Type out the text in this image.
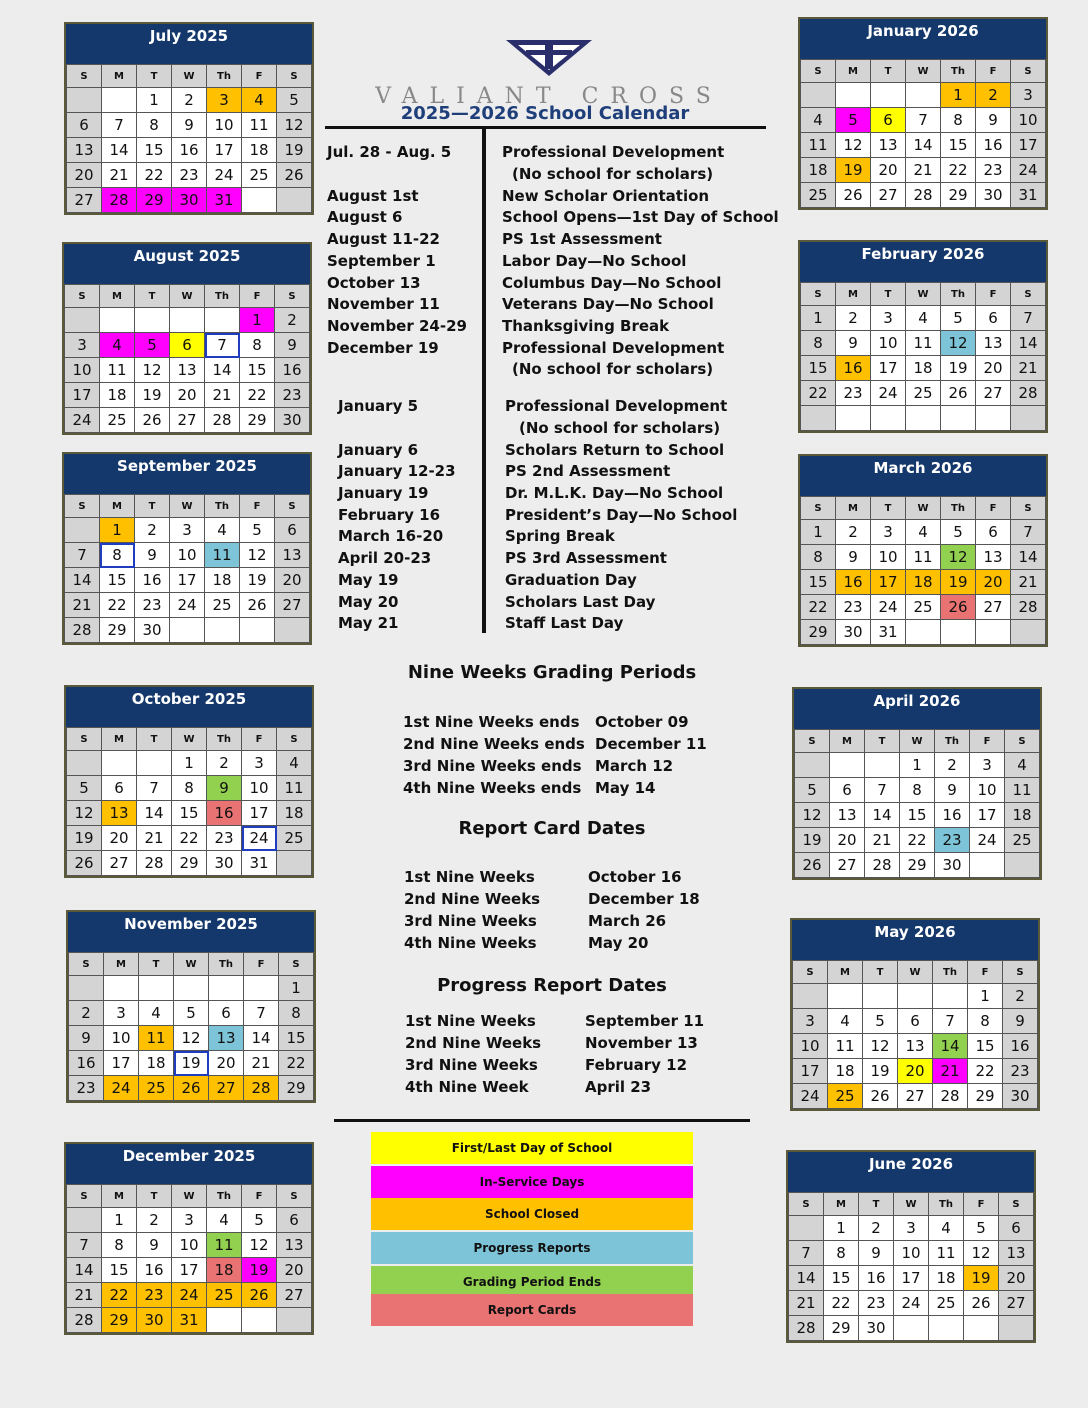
VALIANT CROSS
2025—2026 School Calendar
July 2025
S	M	T	W	Th	F	S
		1	2	3	4	5
6	7	8	9	10	11	12
13	14	15	16	17	18	19
20	21	22	23	24	25	26
27	28	29	30	31		
August 2025
S	M	T	W	Th	F	S
					1	2
3	4	5	6	7	8	9
10	11	12	13	14	15	16
17	18	19	20	21	22	23
24	25	26	27	28	29	30
September 2025
S	M	T	W	Th	F	S
	1	2	3	4	5	6
7	8	9	10	11	12	13
14	15	16	17	18	19	20
21	22	23	24	25	26	27
28	29	30				
October 2025
S	M	T	W	Th	F	S
			1	2	3	4
5	6	7	8	9	10	11
12	13	14	15	16	17	18
19	20	21	22	23	24	25
26	27	28	29	30	31	
November 2025
S	M	T	W	Th	F	S
						1
2	3	4	5	6	7	8
9	10	11	12	13	14	15
16	17	18	19	20	21	22
23	24	25	26	27	28	29
December 2025
S	M	T	W	Th	F	S
	1	2	3	4	5	6
7	8	9	10	11	12	13
14	15	16	17	18	19	20
21	22	23	24	25	26	27
28	29	30	31			
January 2026
S	M	T	W	Th	F	S
				1	2	3
4	5	6	7	8	9	10
11	12	13	14	15	16	17
18	19	20	21	22	23	24
25	26	27	28	29	30	31
February 2026
S	M	T	W	Th	F	S
1	2	3	4	5	6	7
8	9	10	11	12	13	14
15	16	17	18	19	20	21
22	23	24	25	26	27	28

March 2026
S	M	T	W	Th	F	S
1	2	3	4	5	6	7
8	9	10	11	12	13	14
15	16	17	18	19	20	21
22	23	24	25	26	27	28
29	30	31				
April 2026
S	M	T	W	Th	F	S
			1	2	3	4
5	6	7	8	9	10	11
12	13	14	15	16	17	18
19	20	21	22	23	24	25
26	27	28	29	30		
May 2026
S	M	T	W	Th	F	S
					1	2
3	4	5	6	7	8	9
10	11	12	13	14	15	16
17	18	19	20	21	22	23
24	25	26	27	28	29	30
June 2026
S	M	T	W	Th	F	S
	1	2	3	4	5	6
7	8	9	10	11	12	13
14	15	16	17	18	19	20
21	22	23	24	25	26	27
28	29	30				
Jul. 28 - Aug. 5	Professional Development
(No school for scholars)
August 1st	New Scholar Orientation
August 6	School Opens—1st Day of School
August 11-22	PS 1st Assessment
September 1	Labor Day—No School
October 13	Columbus Day—No School
November 11	Veterans Day—No School
November 24-29 Thanksgiving Break
December 19	Professional Development
(No school for scholars)
January 5	Professional Development
(No school for scholars)
January 6	Scholars Return to School
January 12-23	PS 2nd Assessment
January 19	Dr. M.L.K. Day—No School
February 16	President’s Day—No School
March 16-20	Spring Break
April 20-23	PS 3rd Assessment
May 19	Graduation Day
May 20	Scholars Last Day
May 21	Staff Last Day
Nine Weeks Grading Periods
1st Nine Weeks ends October 09
2nd Nine Weeks ends December 11
3rd Nine Weeks ends March 12
4th Nine Weeks ends May 14
Report Card Dates
1st Nine Weeks	October 16
2nd Nine Weeks	December 18
3rd Nine Weeks	March 26
4th Nine Weeks	May 20
Progress Report Dates
1st Nine Weeks	September 11
2nd Nine Weeks	November 13
3rd Nine Weeks	February 12
4th Nine Week	April 23
First/Last Day of School
In-Service Days
School Closed
Progress Reports
Grading Period Ends
Report Cards
